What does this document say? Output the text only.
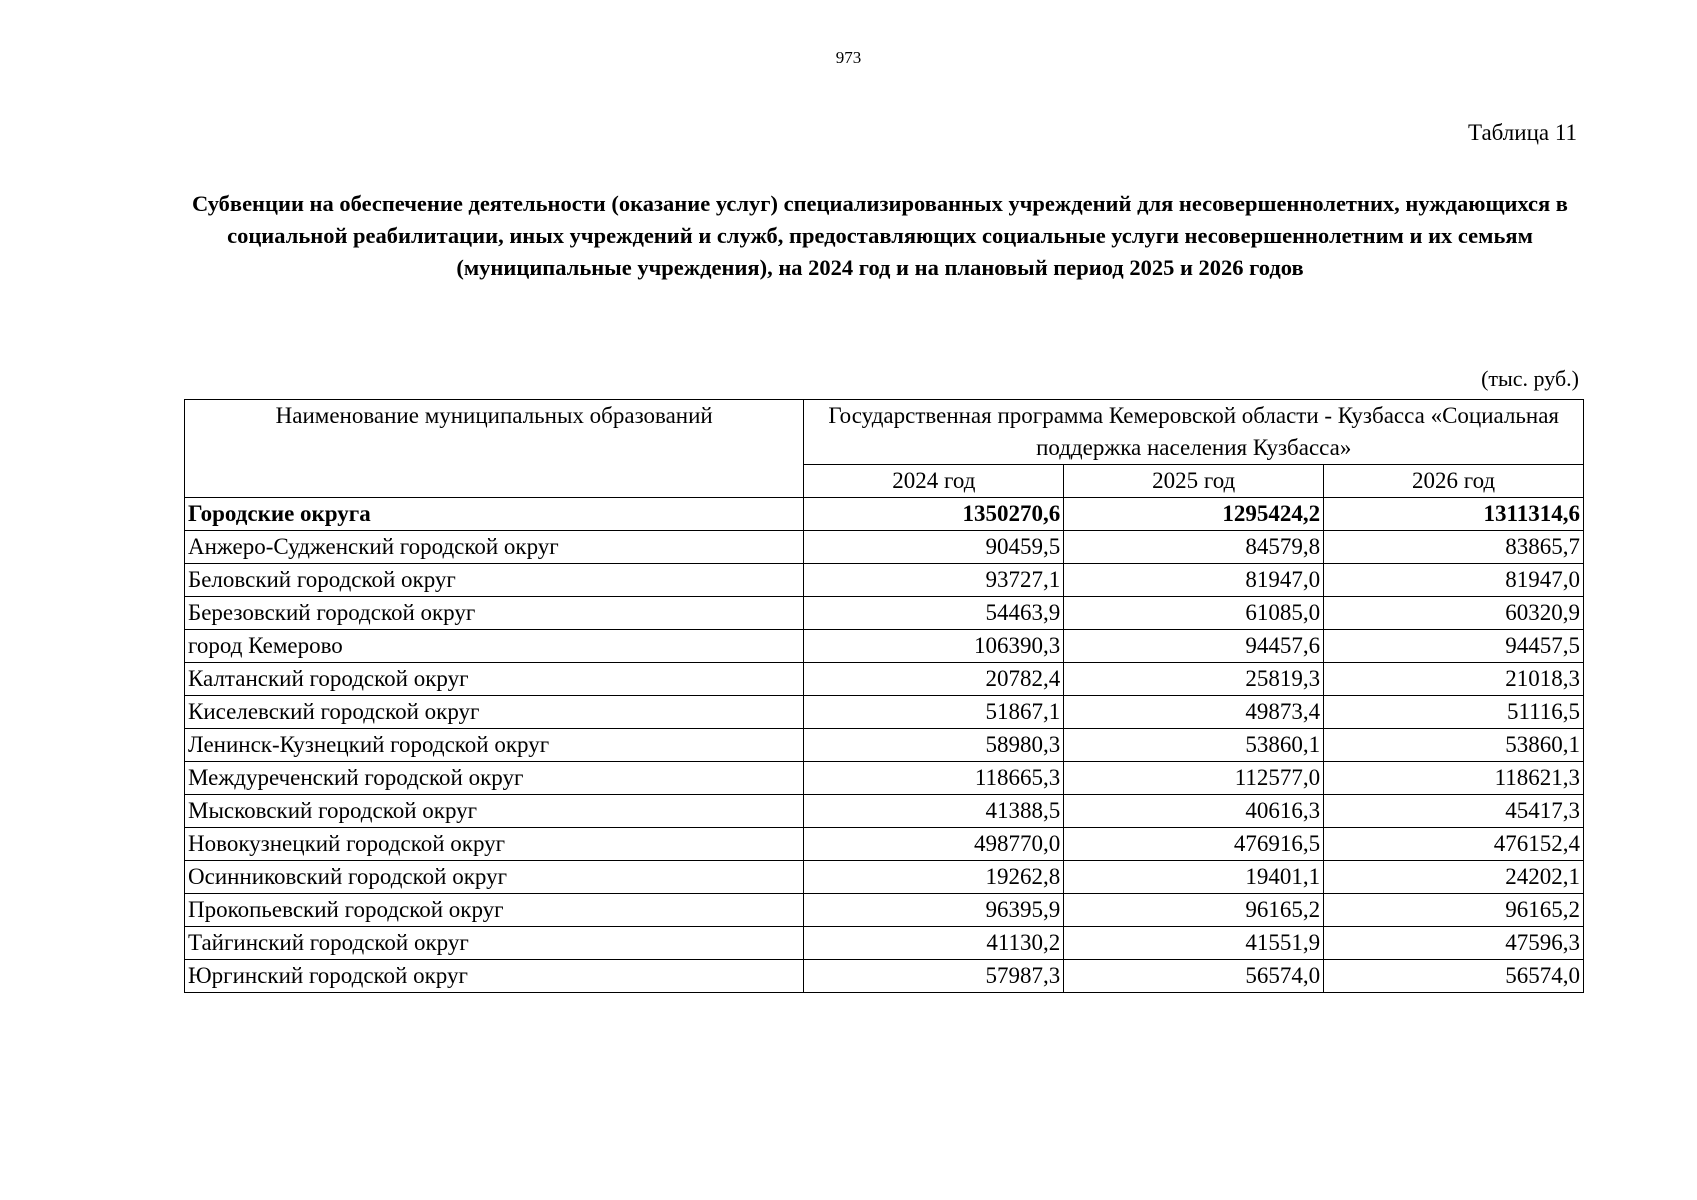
973
Таблица 11
Субвенции на обеспечение деятельности (оказание услуг) специализированных учреждений для несовершеннолетних, нуждающихся в социальной реабилитации, иных учреждений и служб, предоставляющих социальные услуги несовершеннолетним и их семьям (муниципальные учреждения), на 2024 год и на плановый период 2025 и 2026 годов
(тыс. руб.)
Наименование муниципальных образований	Государственная программа Кемеровской области - Кузбасса «Социальная поддержка населения Кузбасса»		
	2024 год	2025 год	2026 год
Городские округа	1350270,6	1295424,2	1311314,6
Анжеро-Судженский городской округ	90459,5	84579,8	83865,7
Беловский городской округ	93727,1	81947,0	81947,0
Березовский городской округ	54463,9	61085,0	60320,9
город Кемерово	106390,3	94457,6	94457,5
Калтанский городской округ	20782,4	25819,3	21018,3
Киселевский городской округ	51867,1	49873,4	51116,5
Ленинск-Кузнецкий городской округ	58980,3	53860,1	53860,1
Междуреченский городской округ	118665,3	112577,0	118621,3
Мысковский городской округ	41388,5	40616,3	45417,3
Новокузнецкий городской округ	498770,0	476916,5	476152,4
Осинниковский городской округ	19262,8	19401,1	24202,1
Прокопьевский городской округ	96395,9	96165,2	96165,2
Тайгинский городской округ	41130,2	41551,9	47596,3
Юргинский городской округ	57987,3	56574,0	56574,0
